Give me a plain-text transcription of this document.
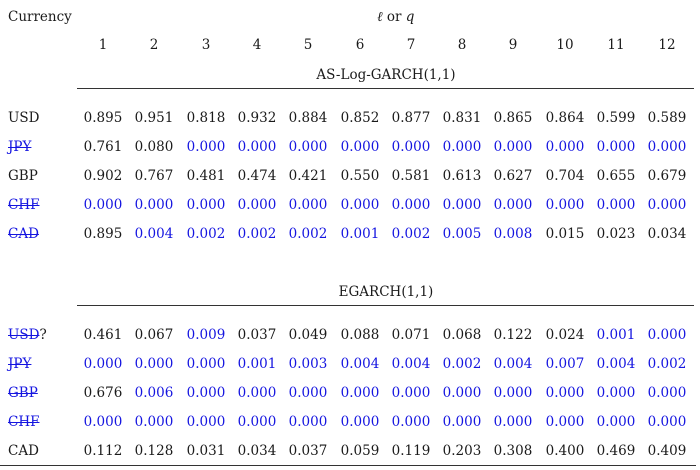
Currency	ℓ or q
1	2	3	4	5	6	7	8	9	10	11	12
AS-Log-GARCH(1,1)
EGARCH(1,1)
USD	0.895 0.951 0.818 0.932 0.884 0.852 0.877 0.831 0.865 0.864 0.599 0.589
JPY	0.761 0.080 0.000 0.000 0.000 0.000 0.000 0.000 0.000 0.000 0.000 0.000
GBP	0.902 0.767 0.481 0.474 0.421 0.550 0.581 0.613 0.627 0.704 0.655 0.679
CHF	0.000 0.000 0.000 0.000 0.000 0.000 0.000 0.000 0.000 0.000 0.000 0.000
CAD	0.895 0.004 0.002 0.002 0.002 0.001 0.002 0.005 0.008 0.015 0.023 0.034
USD?	0.461 0.067 0.009 0.037 0.049 0.088 0.071 0.068 0.122 0.024 0.001 0.000
JPY	0.000 0.000 0.000 0.001 0.003 0.004 0.004 0.002 0.004 0.007 0.004 0.002
GBP	0.676 0.006 0.000 0.000 0.000 0.000 0.000 0.000 0.000 0.000 0.000 0.000
CHF	0.000 0.000 0.000 0.000 0.000 0.000 0.000 0.000 0.000 0.000 0.000 0.000
CAD	0.112 0.128 0.031 0.034 0.037 0.059 0.119 0.203 0.308 0.400 0.469 0.409
